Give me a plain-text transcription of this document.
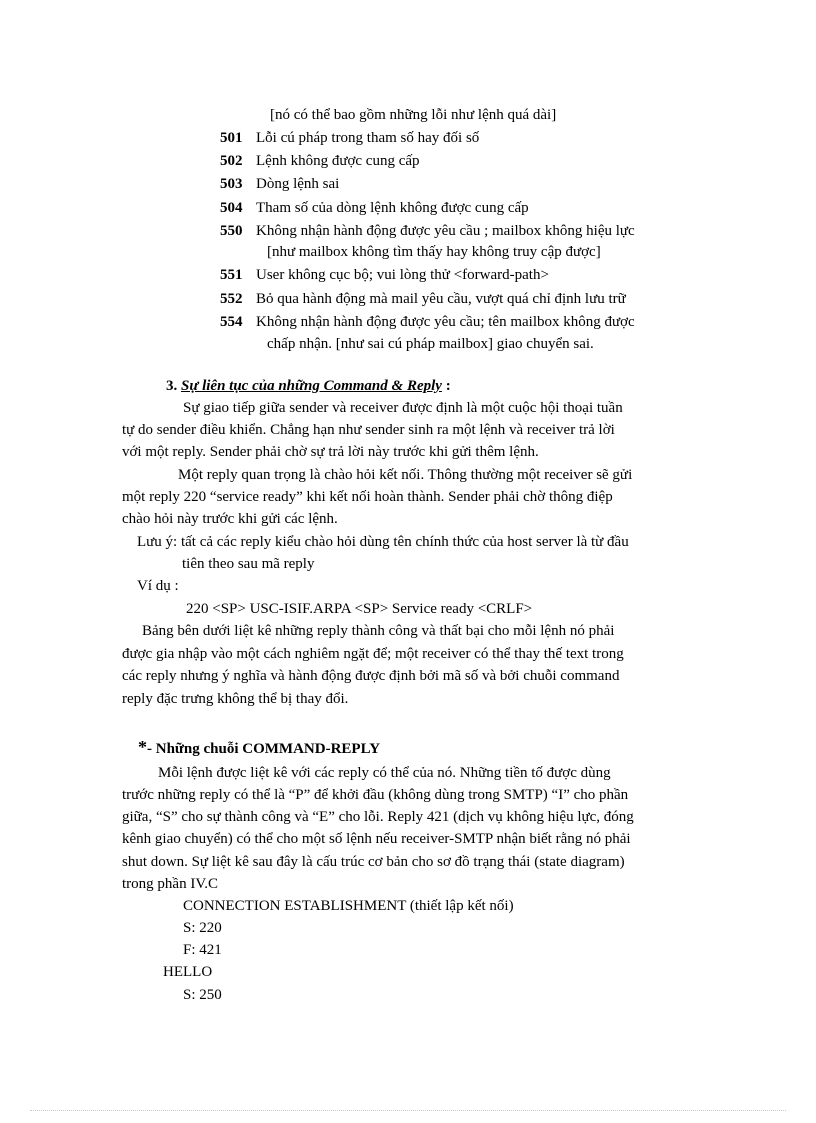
[nó có thể bao gồm những lỗi như lệnh quá dài]
501 Lỗi cú pháp trong tham số hay đối số
502 Lệnh không được cung cấp
503 Dòng lệnh sai
504 Tham số của dòng lệnh không được cung cấp
550 Không nhận hành động được yêu cầu ; mailbox không hiệu lực
[như mailbox không tìm thấy hay không truy cập được]
551 User không cục bộ; vui lòng thử <forward-path>
552 Bỏ qua hành động mà mail yêu cầu, vượt quá chỉ định lưu trữ
554 Không nhận hành động được yêu cầu; tên mailbox không được
chấp nhận. [như sai cú pháp mailbox] giao chuyển sai.
3. Sự liên tục của những Command & Reply :
Sự giao tiếp giữa sender và receiver được định là một cuộc hội thoại tuần
tự do sender điều khiển. Chẳng hạn như sender sinh ra một lệnh và receiver trả lời
với một reply. Sender phải chờ sự trả lời này trước khi gửi thêm lệnh.
Một reply quan trọng là chào hỏi kết nối. Thông thường một receiver sẽ gửi
một reply 220 “service ready” khi kết nối hoàn thành. Sender phải chờ thông điệp
chào hỏi này trước khi gửi các lệnh.
Lưu ý: tất cả các reply kiểu chào hỏi dùng tên chính thức của host server là từ đầu
tiên theo sau mã reply
Ví dụ :
220 <SP> USC-ISIF.ARPA <SP> Service ready <CRLF>
Bảng bên dưới liệt kê những reply thành công và thất bại cho mỗi lệnh nó phải
được gia nhập vào một cách nghiêm ngặt để; một receiver có thể thay thế text trong
các reply nhưng ý nghĩa và hành động được định bởi mã số và bởi chuỗi command
reply đặc trưng không thể bị thay đổi.
*- Những chuỗi COMMAND-REPLY
Mỗi lệnh được liệt kê với các reply có thể của nó. Những tiền tố được dùng
trước những reply có thể là “P” để khởi đầu (không dùng trong SMTP) “I” cho phần
giữa, “S” cho sự thành công và “E” cho lỗi. Reply 421 (dịch vụ không hiệu lực, đóng
kênh giao chuyển) có thể cho một số lệnh nếu receiver-SMTP nhận biết rằng nó phải
shut down. Sự liệt kê sau đây là cấu trúc cơ bản cho sơ đồ trạng thái (state diagram)
trong phần IV.C
CONNECTION ESTABLISHMENT (thiết lập kết nối)
S: 220
F: 421
HELLO
S: 250
